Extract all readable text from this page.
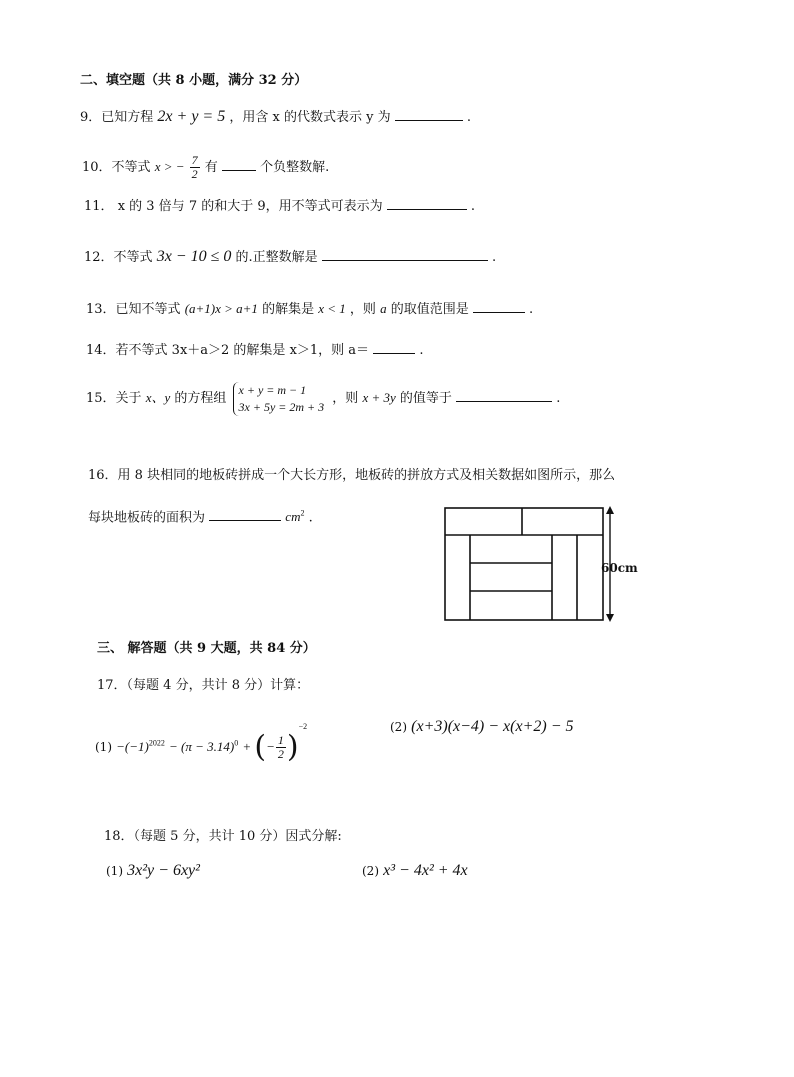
二、填空题（共 8 小题，满分 32 分）
9．已知方程 2x + y = 5 ，用含 x 的代数式表示 y 为	.
10．不等式 x > − $\frac{7}{2}$ 有	个负整数解.
11． x 的 3 倍与 7 的和大于 9，用不等式可表示为	.
12．不等式 3x − 10 ≤ 0 的.正整数解是	.
13．已知不等式 (a+1)x > a+1 的解集是 x < 1 ，则 a 的取值范围是	.
14．若不等式 3x＋a＞2 的解集是 x＞1，则 a＝	.
15．关于 x、y 的方程组
x + y = m − 1
3x + 5y = 2m + 3
，则 x + 3y 的值等于	.
16．用 8 块相同的地板砖拼成一个大长方形，地板砖的拼放方式及相关数据如图所示，那么
每块地板砖的面积为	$cm^2$ .
60cm
三、 解答题（共 9 大题，共 84 分）
17．（每题 4 分，共计 8 分）计算：
$(1) -(-1)^{2022} - (\pi - 3.14)^0$ + (− $\frac{1}{2} )^{-2}$	(2) (x+3)(x−4) − x(x+2) − 5
18．（每题 5 分，共计 10 分）因式分解:
(1) 3x²y − 6xy²	(2) x³ − 4x² + 4x
